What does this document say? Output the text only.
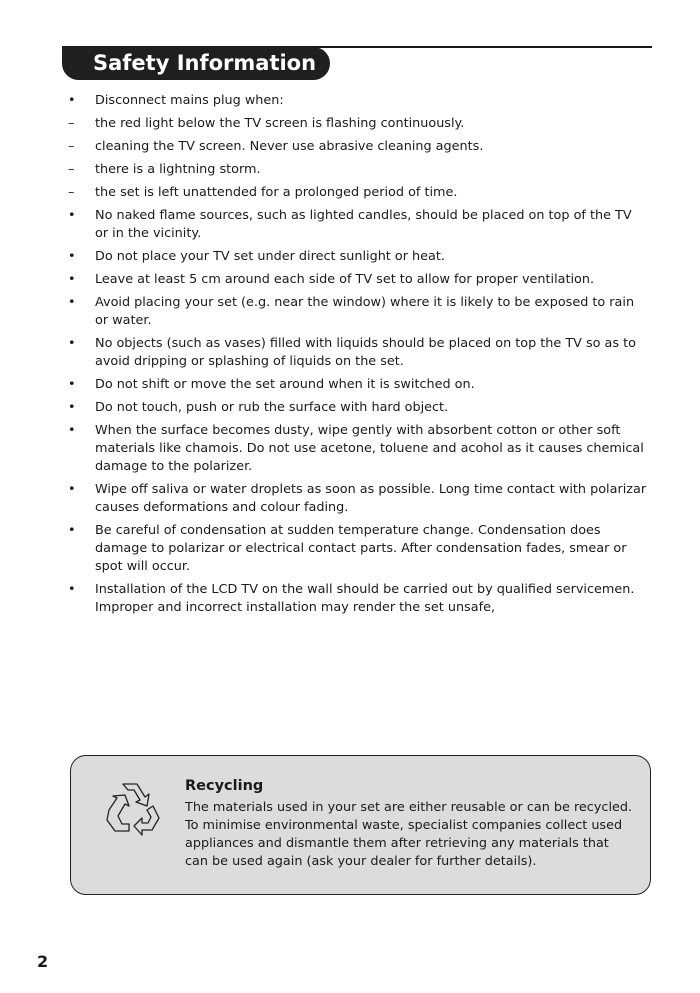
Safety Information
•	Disconnect mains plug when:
–	the red light below the TV screen is flashing continuously.
–	cleaning the TV screen. Never use abrasive cleaning agents.
–	there is a lightning storm.
–	the set is left unattended for a prolonged period of time.
•	No naked flame sources, such as lighted candles, should be placed on top of the TV or in the vicinity.
•	Do not place your TV set under direct sunlight or heat.
•	Leave at least 5 cm around each side of TV set to allow for proper ventilation.
•	Avoid placing your set (e.g. near the window) where it is likely to be exposed to rain or water.
•	No objects (such as vases) filled with liquids should be placed on top the TV so as to avoid dripping or splashing of liquids on the set.
•	Do not shift or move the set around when it is switched on.
•	Do not touch, push or rub the surface with hard object.
•	When the surface becomes dusty, wipe gently with absorbent cotton or other soft materials like chamois. Do not use acetone, toluene and acohol as it causes chemical damage to the polarizer.
•	Wipe off saliva or water droplets as soon as possible. Long time contact with polarizar causes deformations and colour fading.
•	Be careful of condensation at sudden temperature change. Condensation does damage to polarizar or electrical contact parts. After condensation fades, smear or spot will occur.
•	Installation of the LCD TV on the wall should be carried out by qualified servicemen. Improper and incorrect installation may render the set unsafe,
Recycling
The materials used in your set are either reusable or can be recycled. To minimise environmental waste, specialist companies collect used appliances and dismantle them after retrieving any materials that can be used again (ask your dealer for further details).
2
